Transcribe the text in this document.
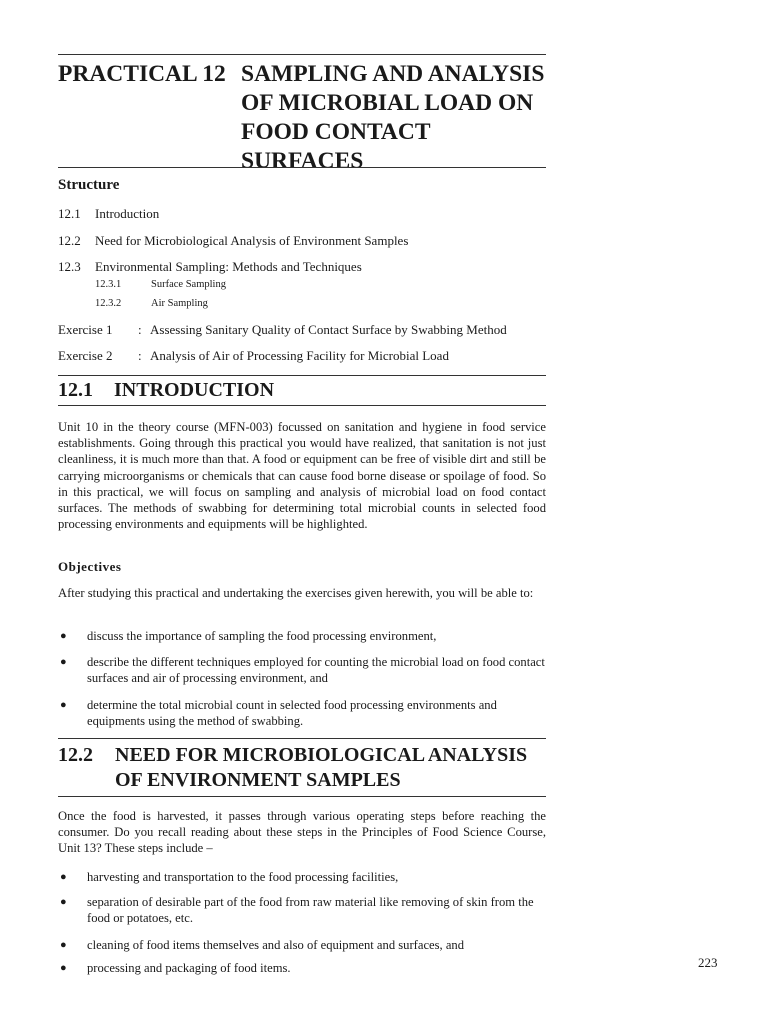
PRACTICAL 12 SAMPLING AND ANALYSIS
OF MICROBIAL LOAD ON
FOOD CONTACT
SURFACES
Structure
12.1 Introduction
12.2 Need for Microbiological Analysis of Environment Samples
12.3 Environmental Sampling: Methods and Techniques
12.3.1	Surface Sampling
12.3.2	Air Sampling
Exercise 1 : Assessing Sanitary Quality of Contact Surface by Swabbing Method
Exercise 2 : Analysis of Air of Processing Facility for Microbial Load
12.1 INTRODUCTION
Unit 10 in the theory course (MFN-003) focussed on sanitation and hygiene in food service establishments. Going through this practical you would have realized, that sanitation is not just cleanliness, it is much more than that. A food or equipment can be free of visible dirt and still be carrying microorganisms or chemicals that can cause food borne disease or spoilage of food. So in this practical, we will focus on sampling and analysis of microbial load on food contact surfaces. The methods of swabbing for determining total microbial counts in selected food processing environments and equipments will be highlighted.
Objectives
After studying this practical and undertaking the exercises given herewith, you will be able to:
● discuss the importance of sampling the food processing environment,
● describe the different techniques employed for counting the microbial load on food contact surfaces and air of processing environment, and
● determine the total microbial count in selected food processing environments and equipments using the method of swabbing.
12.2 NEED FOR MICROBIOLOGICAL ANALYSIS
OF ENVIRONMENT SAMPLES
Once the food is harvested, it passes through various operating steps before reaching the consumer. Do you recall reading about these steps in the Principles of Food Science Course, Unit 13? These steps include –
● harvesting and transportation to the food processing facilities,
● separation of desirable part of the food from raw material like removing of skin from the food or potatoes, etc.
● cleaning of food items themselves and also of equipment and surfaces, and
● processing and packaging of food items.	223
